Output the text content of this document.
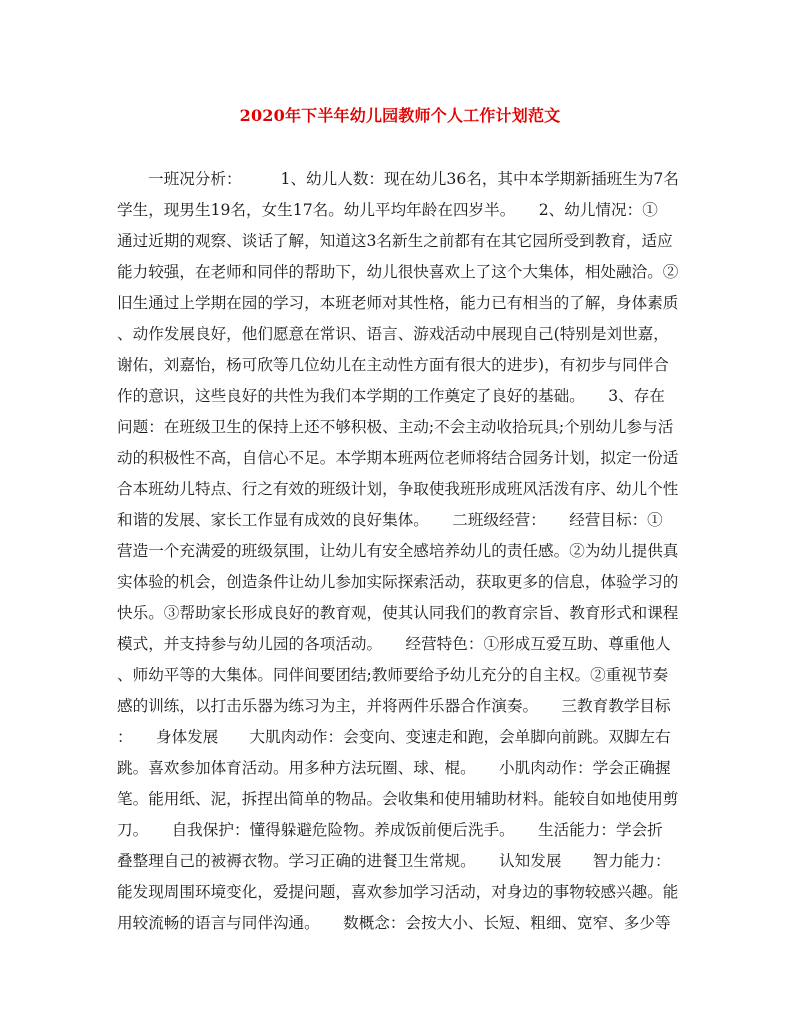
2020年下半年幼儿园教师个人工作计划范文
一班况分析：　　　1、幼儿人数：现在幼儿36名，其中本学期新插班生为7名
学生，现男生19名，女生17名。幼儿平均年龄在四岁半。　　2、幼儿情况：①
通过近期的观察、谈话了解，知道这3名新生之前都有在其它园所受到教育，适应
能力较强，在老师和同伴的帮助下，幼儿很快喜欢上了这个大集体，相处融洽。②
旧生通过上学期在园的学习，本班老师对其性格，能力已有相当的了解，身体素质
、动作发展良好，他们愿意在常识、语言、游戏活动中展现自己(特别是刘世嘉，
谢佑，刘嘉怡，杨可欣等几位幼儿在主动性方面有很大的进步)，有初步与同伴合
作的意识，这些良好的共性为我们本学期的工作奠定了良好的基础。　　3、存在
问题：在班级卫生的保持上还不够积极、主动;不会主动收拾玩具;个别幼儿参与活
动的积极性不高，自信心不足。本学期本班两位老师将结合园务计划，拟定一份适
合本班幼儿特点、行之有效的班级计划，争取使我班形成班风活泼有序、幼儿个性
和谐的发展、家长工作显有成效的良好集体。　　二班级经营：　　经营目标：①
营造一个充满爱的班级氛围，让幼儿有安全感培养幼儿的责任感。②为幼儿提供真
实体验的机会，创造条件让幼儿参加实际探索活动，获取更多的信息，体验学习的
快乐。③帮助家长形成良好的教育观，使其认同我们的教育宗旨、教育形式和课程
模式，并支持参与幼儿园的各项活动。　　经营特色：①形成互爱互助、尊重他人
、师幼平等的大集体。同伴间要团结;教师要给予幼儿充分的自主权。②重视节奏
感的训练，以打击乐器为练习为主，并将两件乐器合作演奏。　　三教育教学目标
：　　身体发展　　大肌肉动作：会变向、变速走和跑，会单脚向前跳。双脚左右
跳。喜欢参加体育活动。用多种方法玩圈、球、棍。　　小肌肉动作：学会正确握
笔。能用纸、泥，拆捏出简单的物品。会收集和使用辅助材料。能较自如地使用剪
刀。　　自我保护：懂得躲避危险物。养成饭前便后洗手。　　生活能力：学会折
叠整理自己的被褥衣物。学习正确的进餐卫生常规。　　认知发展　　智力能力：
能发现周围环境变化，爱提问题，喜欢参加学习活动，对身边的事物较感兴趣。能
用较流畅的语言与同伴沟通。　　数概念：会按大小、长短、粗细、宽窄、多少等
